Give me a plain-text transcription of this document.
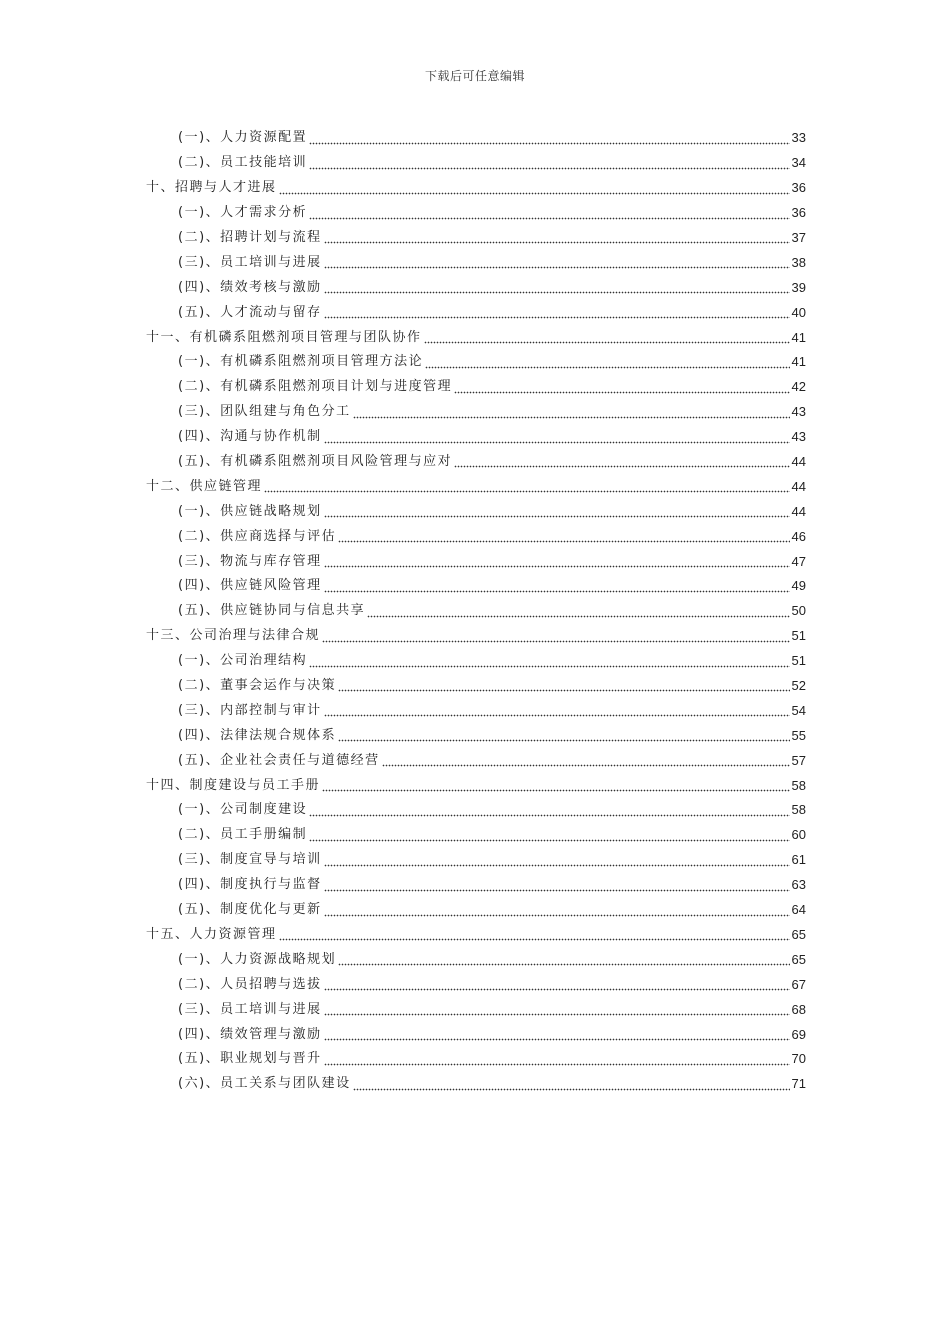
下载后可任意编辑
(一)、人力资源配置	33
(二)、员工技能培训	34
十、招聘与人才进展	36
(一)、人才需求分析	36
(二)、招聘计划与流程	37
(三)、员工培训与进展	38
(四)、绩效考核与激励	39
(五)、人才流动与留存	40
十一、有机磷系阻燃剂项目管理与团队协作	41
(一)、有机磷系阻燃剂项目管理方法论	41
(二)、有机磷系阻燃剂项目计划与进度管理	42
(三)、团队组建与角色分工	43
(四)、沟通与协作机制	43
(五)、有机磷系阻燃剂项目风险管理与应对	44
十二、供应链管理	44
(一)、供应链战略规划	44
(二)、供应商选择与评估	46
(三)、物流与库存管理	47
(四)、供应链风险管理	49
(五)、供应链协同与信息共享	50
十三、公司治理与法律合规	51
(一)、公司治理结构	51
(二)、董事会运作与决策	52
(三)、内部控制与审计	54
(四)、法律法规合规体系	55
(五)、企业社会责任与道德经营	57
十四、制度建设与员工手册	58
(一)、公司制度建设	58
(二)、员工手册编制	60
(三)、制度宣导与培训	61
(四)、制度执行与监督	63
(五)、制度优化与更新	64
十五、人力资源管理	65
(一)、人力资源战略规划	65
(二)、人员招聘与选拔	67
(三)、员工培训与进展	68
(四)、绩效管理与激励	69
(五)、职业规划与晋升	70
(六)、员工关系与团队建设	71
